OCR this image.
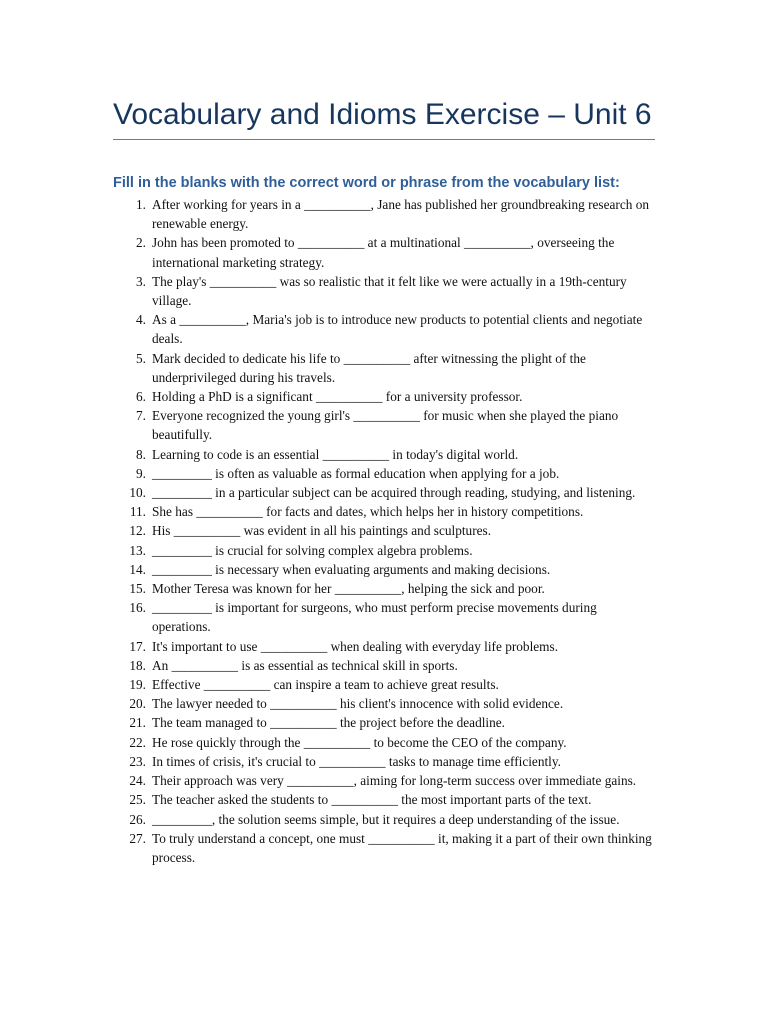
Vocabulary and Idioms Exercise – Unit 6
Fill in the blanks with the correct word or phrase from the vocabulary list:
1. After working for years in a __________, Jane has published her groundbreaking research on renewable energy.
2. John has been promoted to __________ at a multinational __________, overseeing the international marketing strategy.
3. The play's __________ was so realistic that it felt like we were actually in a 19th-century village.
4. As a __________, Maria's job is to introduce new products to potential clients and negotiate deals.
5. Mark decided to dedicate his life to __________ after witnessing the plight of the underprivileged during his travels.
6. Holding a PhD is a significant __________ for a university professor.
7. Everyone recognized the young girl's __________ for music when she played the piano beautifully.
8. Learning to code is an essential __________ in today's digital world.
9. _________ is often as valuable as formal education when applying for a job.
10. _________ in a particular subject can be acquired through reading, studying, and listening.
11. She has __________ for facts and dates, which helps her in history competitions.
12. His __________ was evident in all his paintings and sculptures.
13. _________ is crucial for solving complex algebra problems.
14. _________ is necessary when evaluating arguments and making decisions.
15. Mother Teresa was known for her __________, helping the sick and poor.
16. _________ is important for surgeons, who must perform precise movements during operations.
17. It's important to use __________ when dealing with everyday life problems.
18. An __________ is as essential as technical skill in sports.
19. Effective __________ can inspire a team to achieve great results.
20. The lawyer needed to __________ his client's innocence with solid evidence.
21. The team managed to __________ the project before the deadline.
22. He rose quickly through the __________ to become the CEO of the company.
23. In times of crisis, it's crucial to __________ tasks to manage time efficiently.
24. Their approach was very __________, aiming for long-term success over immediate gains.
25. The teacher asked the students to __________ the most important parts of the text.
26. _________, the solution seems simple, but it requires a deep understanding of the issue.
27. To truly understand a concept, one must __________ it, making it a part of their own thinking process.
